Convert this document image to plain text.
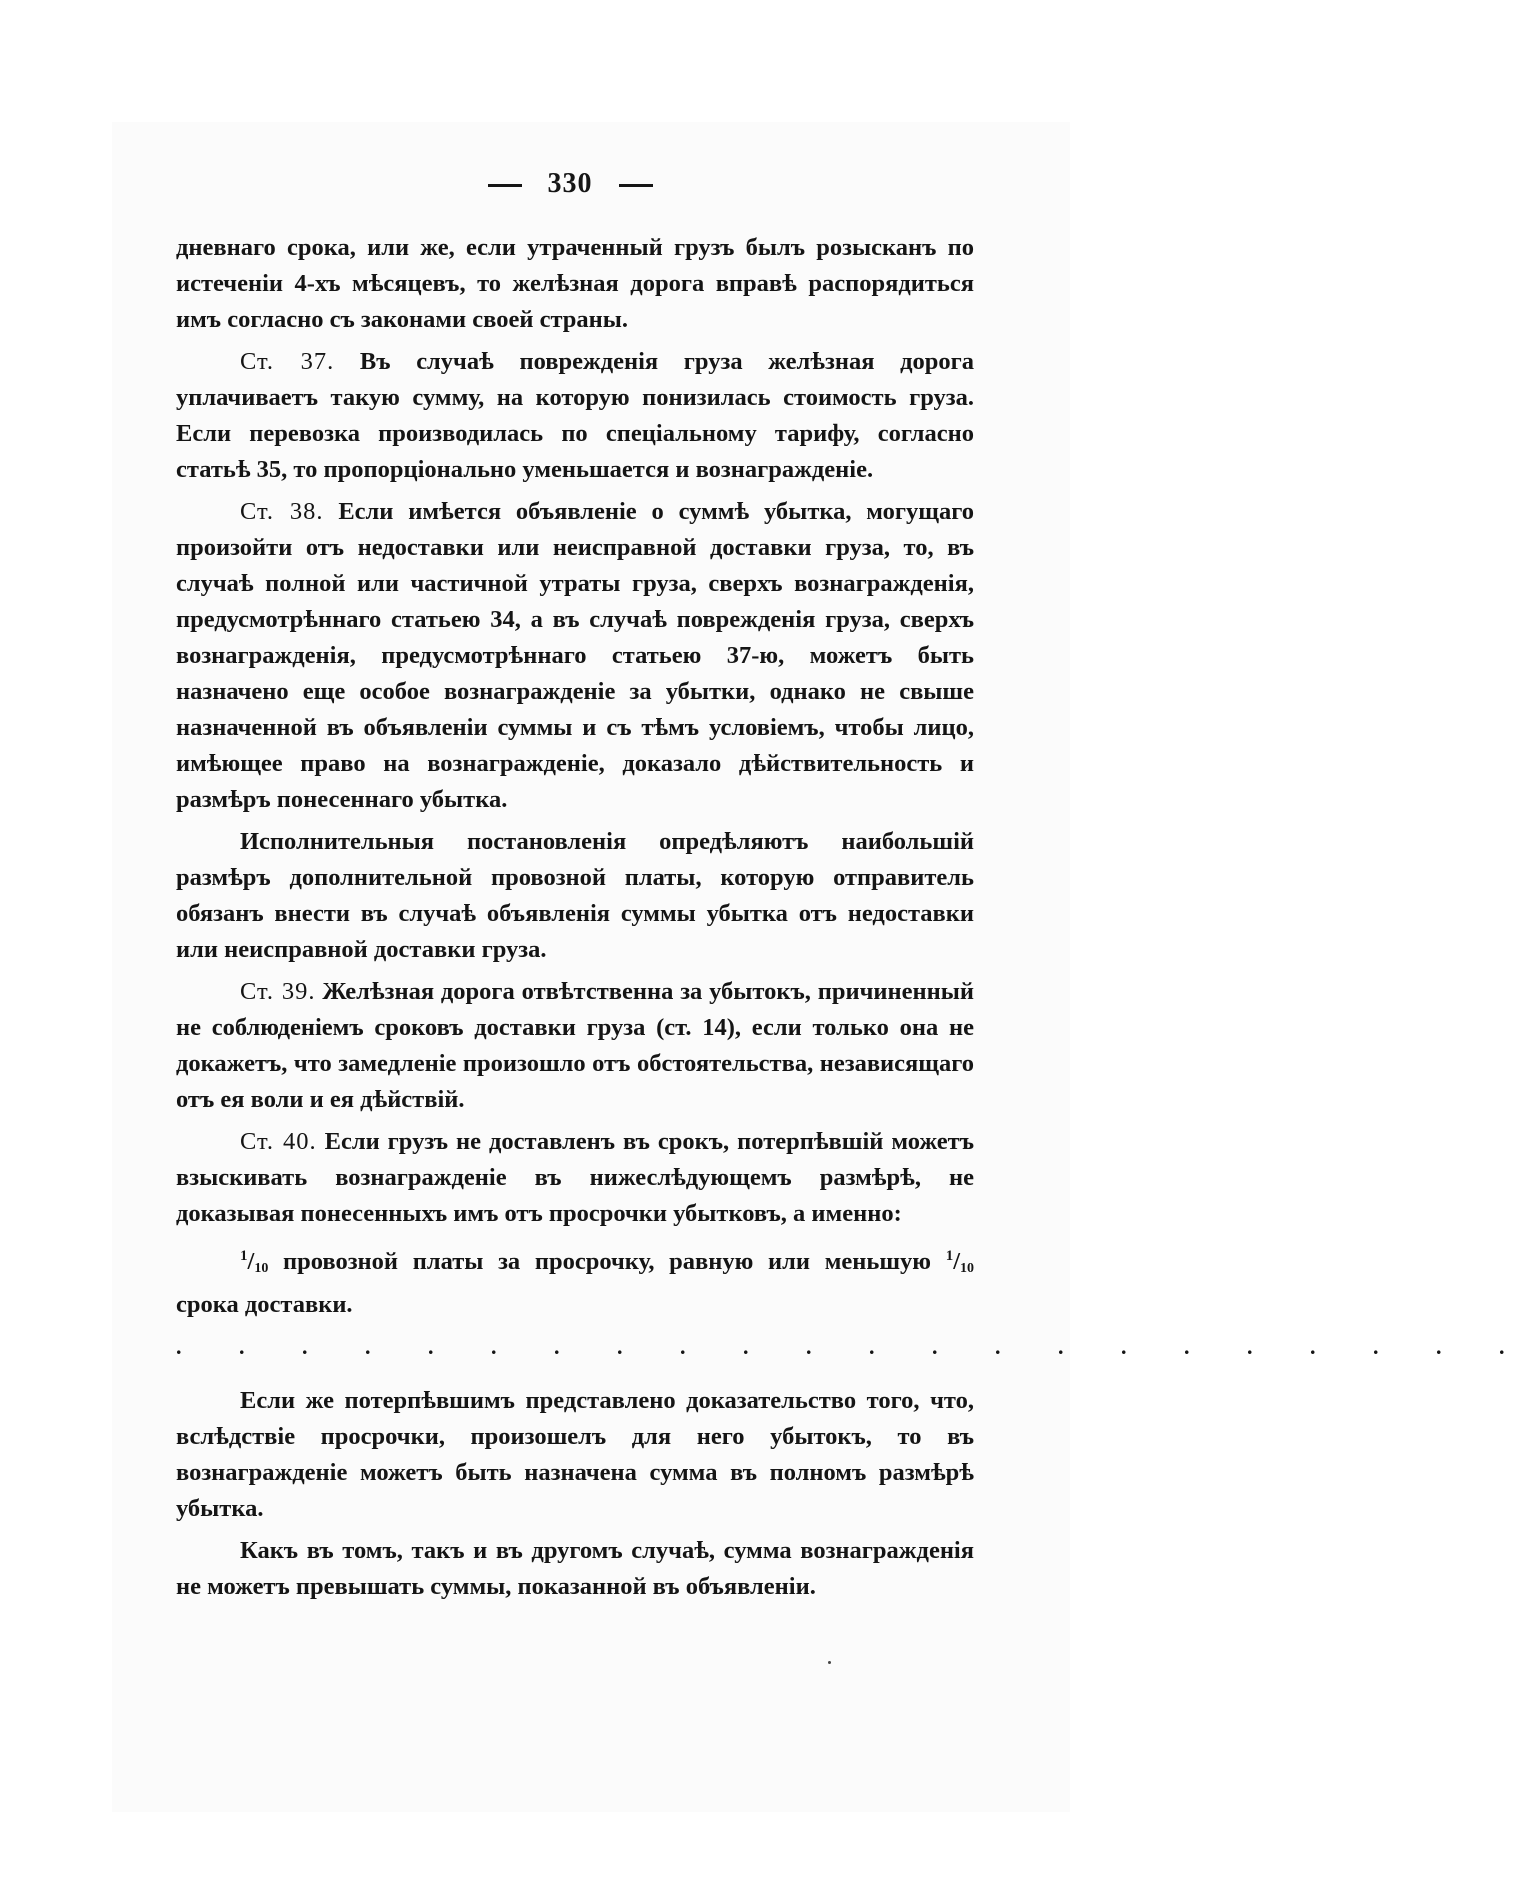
330

дневнаго срока, или же, если утраченный грузъ былъ розысканъ по истеченіи 4-хъ мѣсяцевъ, то желѣзная дорога вправѣ распорядиться имъ согласно съ законами своей страны.

Ст. 37. Въ случаѣ поврежденія груза желѣзная дорога уплачиваетъ такую сумму, на которую понизилась стоимость груза. Если перевозка производилась по спеціальному тарифу, согласно статьѣ 35, то пропорціонально уменьшается и вознагражденіе.

Ст. 38. Если имѣется объявленіе о суммѣ убытка, могущаго произойти отъ недоставки или неисправной доставки груза, то, въ случаѣ полной или частичной утраты груза, сверхъ вознагражденія, предусмотрѣннаго статьею 34, а въ случаѣ поврежденія груза, сверхъ вознагражденія, предусмотрѣннаго статьею 37-ю, можетъ быть назначено еще особое вознагражденіе за убытки, однако не свыше назначенной въ объявленіи суммы и съ тѣмъ условіемъ, чтобы лицо, имѣющее право на вознагражденіе, доказало дѣйствительность и размѣръ понесеннаго убытка.

Исполнительныя постановленія опредѣляютъ наибольшій размѣръ дополнительной провозной платы, которую отправитель обязанъ внести въ случаѣ объявленія суммы убытка отъ недоставки или неисправной доставки груза.

Ст. 39. Желѣзная дорога отвѣтственна за убытокъ, причиненный не соблюденіемъ сроковъ доставки груза (ст. 14), если только она не докажетъ, что замедленіе произошло отъ обстоятельства, независящаго отъ ея воли и ея дѣйствій.

Ст. 40. Если грузъ не доставленъ въ срокъ, потерпѣвшій можетъ взыскивать вознагражденіе въ нижеслѣдующемъ размѣрѣ, не доказывая понесенныхъ имъ отъ просрочки убытковъ, а именно:

$^1/_{10}$ провозной платы за просрочку, равную или меньшую $^1/_{10}$ срока доставки.

. . . . . . . . . . . . . . . . . . . . . .

Если же потерпѣвшимъ представлено доказательство того, что, вслѣдствіе просрочки, произошелъ для него убытокъ, то въ вознагражденіе можетъ быть назначена сумма въ полномъ размѣрѣ убытка.

Какъ въ томъ, такъ и въ другомъ случаѣ, сумма вознагражденія не можетъ превышать суммы, показанной въ объявленіи.
